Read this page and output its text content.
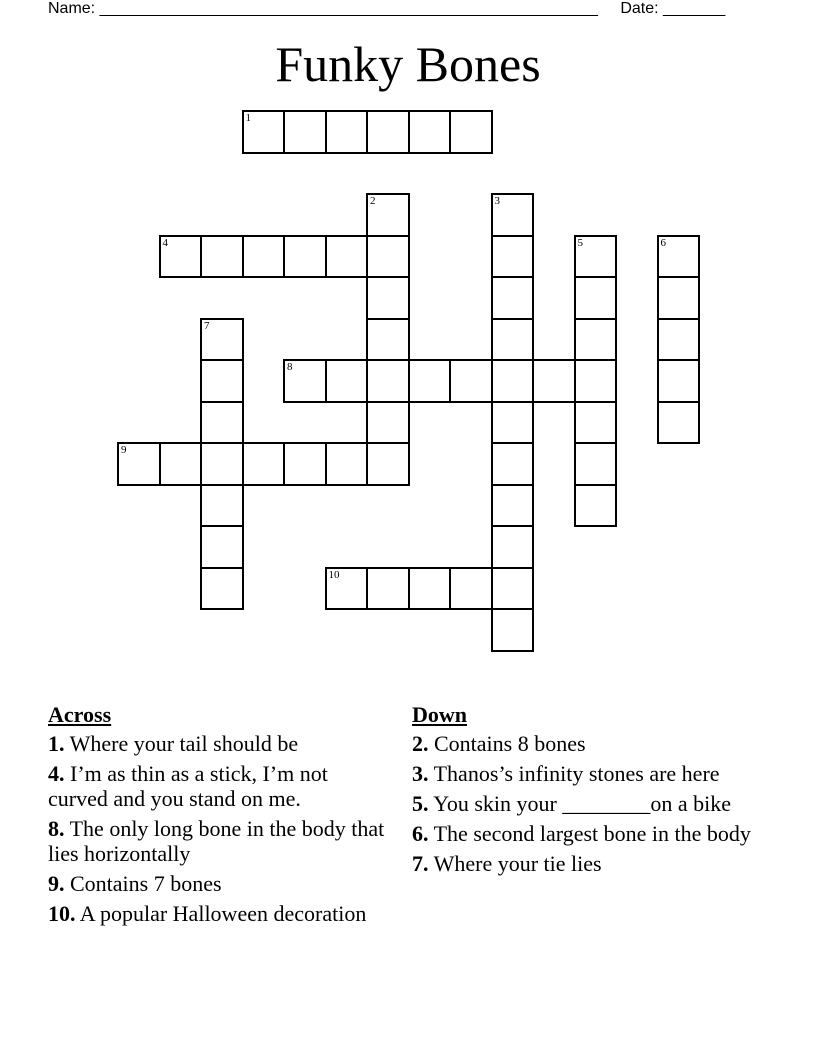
Name: ________________________________________________________ Date: _______
Funky Bones
1
2	3
4	5	6
7
8
9
10
Across
1. Where your tail should be
4. I’m as thin as a stick, I’m not curved and you stand on me.
8. The only long bone in the body that lies horizontally
9. Contains 7 bones
10. A popular Halloween decoration
Down
2. Contains 8 bones
3. Thanos’s infinity stones are here
5. You skin your ________on a bike
6. The second largest bone in the body
7. Where your tie lies
